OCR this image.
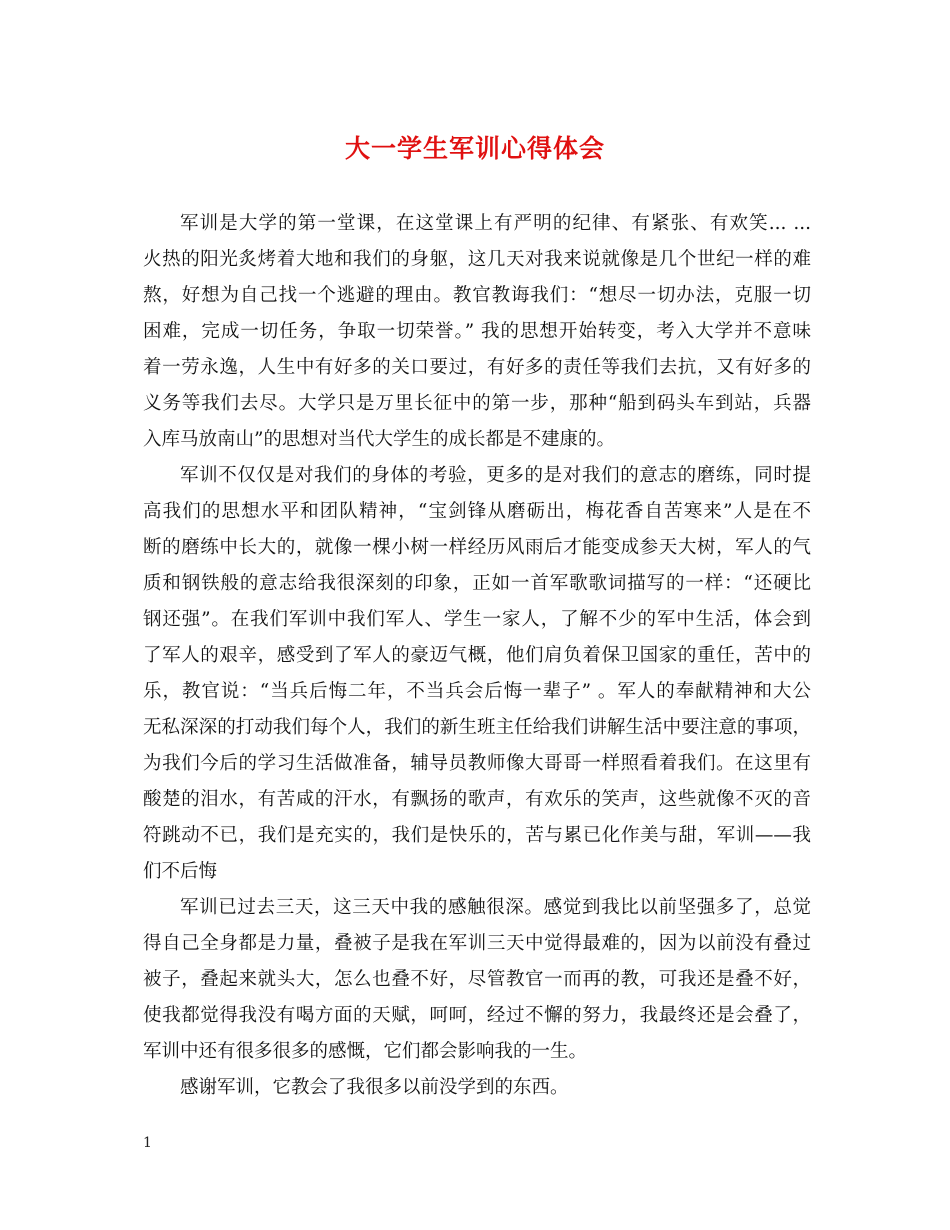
大一学生军训心得体会
军训是大学的第一堂课，在这堂课上有严明的纪律、有紧张、有欢笑... ...
火热的阳光炙烤着大地和我们的身躯，这几天对我来说就像是几个世纪一样的难
熬，好想为自己找一个逃避的理由。教官教诲我们：“想尽一切办法，克服一切
困难，完成一切任务，争取一切荣誉。” 我的思想开始转变，考入大学并不意味
着一劳永逸，人生中有好多的关口要过，有好多的责任等我们去抗，又有好多的
义务等我们去尽。大学只是万里长征中的第一步，那种“船到码头车到站，兵器
入库马放南山”的思想对当代大学生的成长都是不建康的。
军训不仅仅是对我们的身体的考验，更多的是对我们的意志的磨练，同时提
高我们的思想水平和团队精神，“宝剑锋从磨砺出，梅花香自苦寒来”人是在不
断的磨练中长大的，就像一棵小树一样经历风雨后才能变成参天大树，军人的气
质和钢铁般的意志给我很深刻的印象，正如一首军歌歌词描写的一样：“还硬比
钢还强”。在我们军训中我们军人、学生一家人，了解不少的军中生活，体会到
了军人的艰辛，感受到了军人的豪迈气概，他们肩负着保卫国家的重任，苦中的
乐，教官说：“当兵后悔二年，不当兵会后悔一辈子” 。军人的奉献精神和大公
无私深深的打动我们每个人，我们的新生班主任给我们讲解生活中要注意的事项，
为我们今后的学习生活做准备，辅导员教师像大哥哥一样照看着我们。在这里有
酸楚的泪水，有苦咸的汗水，有飘扬的歌声，有欢乐的笑声，这些就像不灭的音
符跳动不已，我们是充实的，我们是快乐的，苦与累已化作美与甜，军训——我
们不后悔
军训已过去三天，这三天中我的感触很深。感觉到我比以前坚强多了，总觉
得自己全身都是力量，叠被子是我在军训三天中觉得最难的，因为以前没有叠过
被子，叠起来就头大，怎么也叠不好，尽管教官一而再的教，可我还是叠不好，
使我都觉得我没有喝方面的天赋，呵呵，经过不懈的努力，我最终还是会叠了，
军训中还有很多很多的感慨，它们都会影响我的一生。
感谢军训，它教会了我很多以前没学到的东西。
1
